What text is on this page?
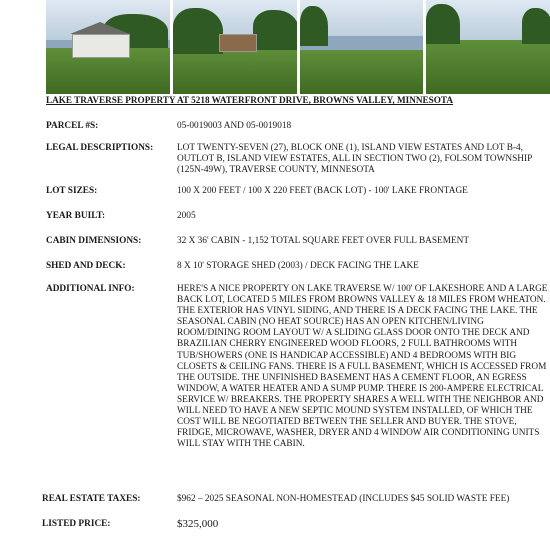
LAKE TRAVERSE PROPERTY AT 5218 WATERFRONT DRIVE, BROWNS VALLEY, MINNESOTA
PARCEL #S:	05-0019003 AND 05-0019018
LEGAL DESCRIPTIONS:	LOT TWENTY-SEVEN (27), BLOCK ONE (1), ISLAND VIEW ESTATES AND LOT B-4, OUTLOT B, ISLAND VIEW ESTATES, ALL IN SECTION TWO (2), FOLSOM TOWNSHIP (125N-49W), TRAVERSE COUNTY, MINNESOTA
LOT SIZES:	100 X 200 FEET / 100 X 220 FEET (BACK LOT) - 100' LAKE FRONTAGE
YEAR BUILT:	2005
CABIN DIMENSIONS:	32 X 36' CABIN - 1,152 TOTAL SQUARE FEET OVER FULL BASEMENT
SHED AND DECK:	8 X 10' STORAGE SHED (2003) / DECK FACING THE LAKE
ADDITIONAL INFO:	HERE'S A NICE PROPERTY ON LAKE TRAVERSE W/ 100' OF LAKESHORE AND A LARGE BACK LOT, LOCATED 5 MILES FROM BROWNS VALLEY & 18 MILES FROM WHEATON. THE EXTERIOR HAS VINYL SIDING, AND THERE IS A DECK FACING THE LAKE. THE SEASONAL CABIN (NO HEAT SOURCE) HAS AN OPEN KITCHEN/LIVING ROOM/DINING ROOM LAYOUT W/ A SLIDING GLASS DOOR ONTO THE DECK AND BRAZILIAN CHERRY ENGINEERED WOOD FLOORS, 2 FULL BATHROOMS WITH TUB/SHOWERS (ONE IS HANDICAP ACCESSIBLE) AND 4 BEDROOMS WITH BIG CLOSETS & CEILING FANS. THERE IS A FULL BASEMENT, WHICH IS ACCESSED FROM THE OUTSIDE. THE UNFINISHED BASEMENT HAS A CEMENT FLOOR, AN EGRESS WINDOW, A WATER HEATER AND A SUMP PUMP. THERE IS 200-AMPERE ELECTRICAL SERVICE W/ BREAKERS. THE PROPERTY SHARES A WELL WITH THE NEIGHBOR AND WILL NEED TO HAVE A NEW SEPTIC MOUND SYSTEM INSTALLED, OF WHICH THE COST WILL BE NEGOTIATED BETWEEN THE SELLER AND BUYER. THE STOVE, FRIDGE, MICROWAVE, WASHER, DRYER AND 4 WINDOW AIR CONDITIONING UNITS WILL STAY WITH THE CABIN.
REAL ESTATE TAXES:	$962 – 2025 SEASONAL NON-HOMESTEAD (INCLUDES $45 SOLID WASTE FEE)
LISTED PRICE:	$325,000
